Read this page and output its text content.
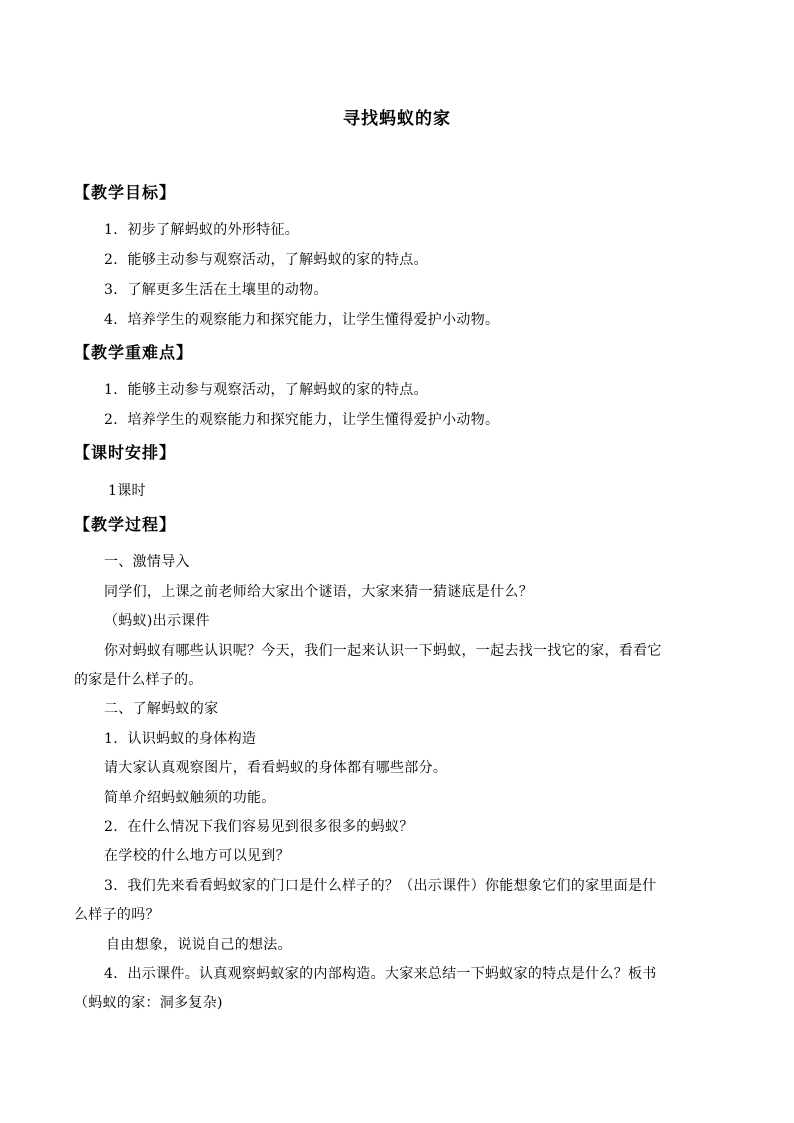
寻找蚂蚁的家
【教学目标】
1．初步了解蚂蚁的外形特征。
2．能够主动参与观察活动，了解蚂蚁的家的特点。
3．了解更多生活在土壤里的动物。
4．培养学生的观察能力和探究能力，让学生懂得爱护小动物。
【教学重难点】
1．能够主动参与观察活动，了解蚂蚁的家的特点。
2．培养学生的观察能力和探究能力，让学生懂得爱护小动物。
【课时安排】
1课时
【教学过程】
一、激情导入
同学们，上课之前老师给大家出个谜语，大家来猜一猜谜底是什么？
（蚂蚁)出示课件
你对蚂蚁有哪些认识呢？今天，我们一起来认识一下蚂蚁，一起去找一找它的家，看看它
的家是什么样子的。
二、了解蚂蚁的家
1．认识蚂蚁的身体构造
请大家认真观察图片，看看蚂蚁的身体都有哪些部分。
简单介绍蚂蚁触须的功能。
2．在什么情况下我们容易见到很多很多的蚂蚁？
在学校的什么地方可以见到？
3．我们先来看看蚂蚁家的门口是什么样子的？（出示课件）你能想象它们的家里面是什
么样子的吗？
自由想象，说说自己的想法。
4．出示课件。认真观察蚂蚁家的内部构造。大家来总结一下蚂蚁家的特点是什么？板书
（蚂蚁的家：洞多复杂)
